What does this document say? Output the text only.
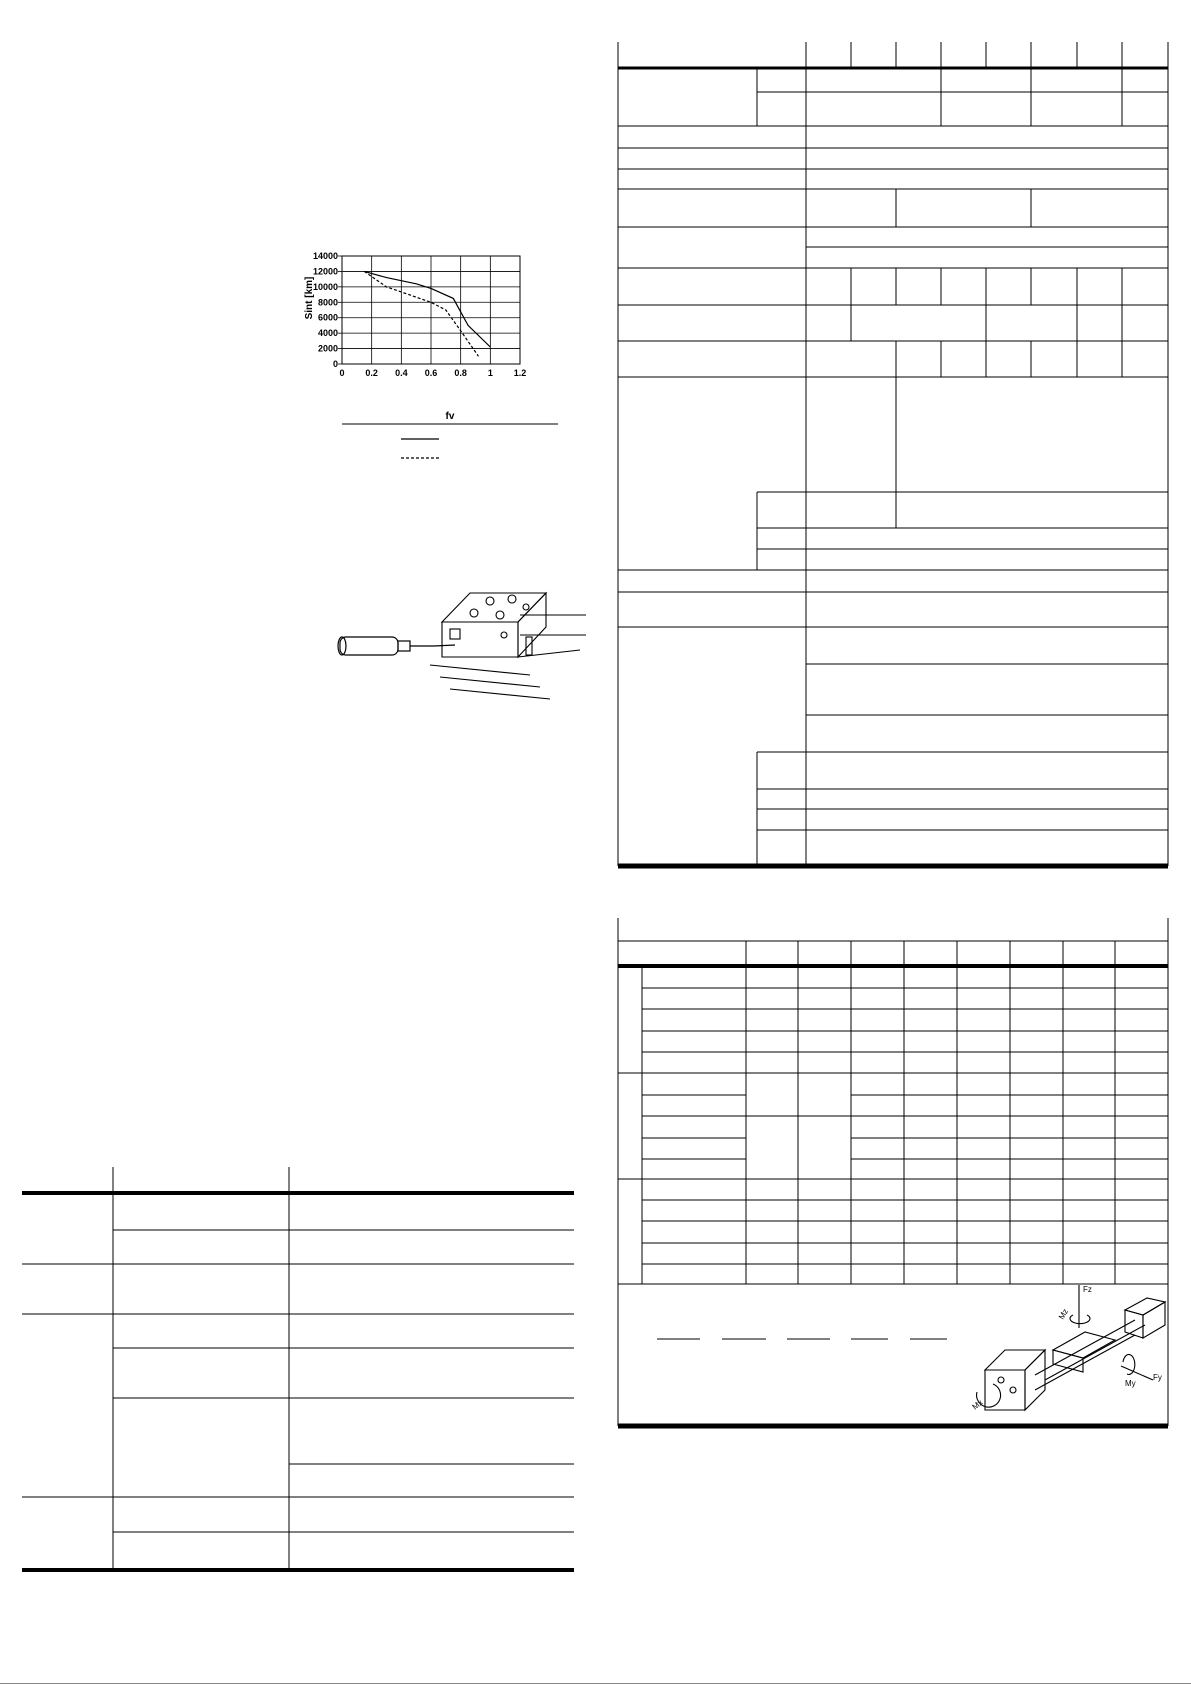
0 0.2 0.4 0.6 0.8 1 1.2
0
2000
4000
6000
8000
10000
12000
14000
Sint [km]
fv
Fz
Mz
Fy
My
Mx
